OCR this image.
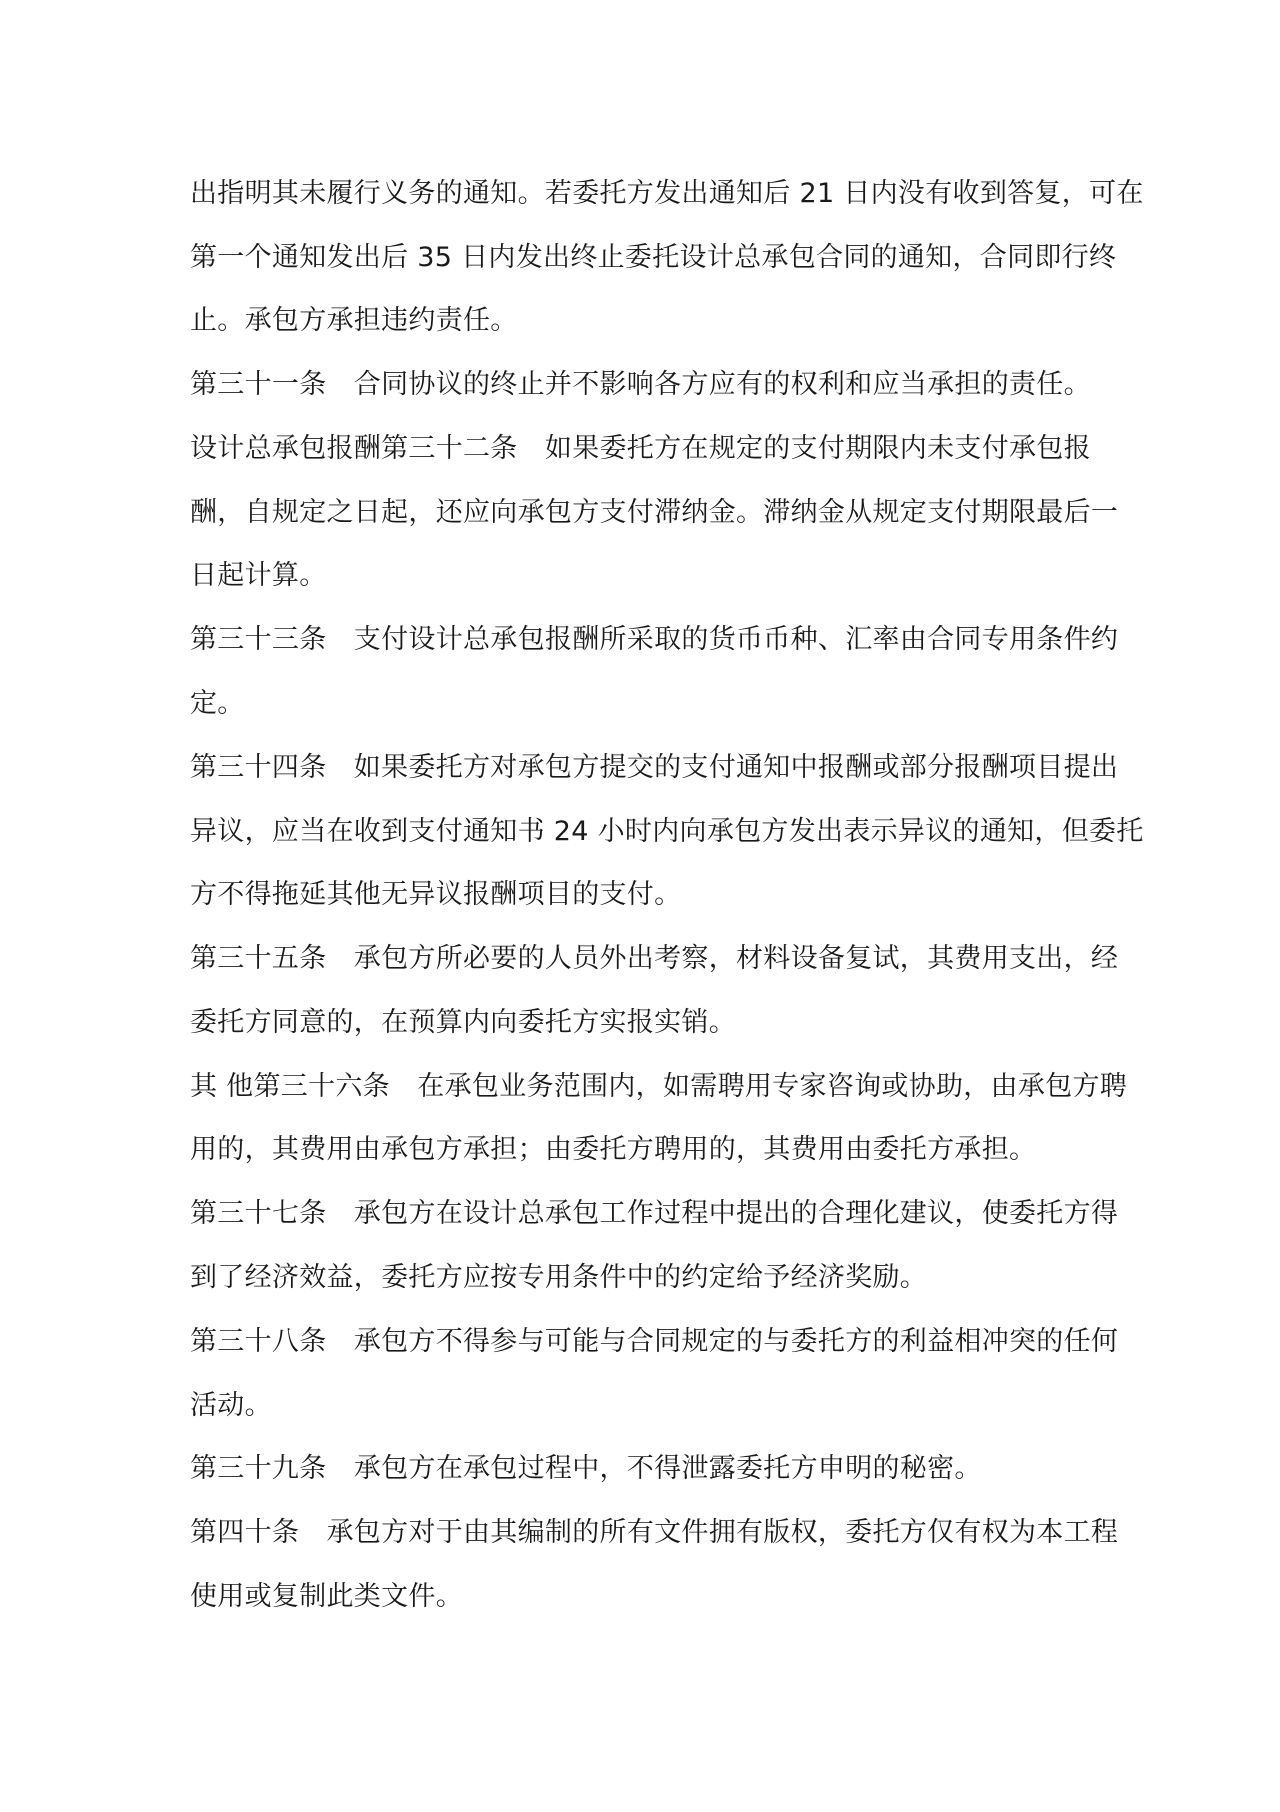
出指明其未履行义务的通知。若委托方发出通知后 21 日内没有收到答复，可在
第一个通知发出后 35 日内发出终止委托设计总承包合同的通知，合同即行终
止。承包方承担违约责任。
第三十一条　合同协议的终止并不影响各方应有的权利和应当承担的责任。
设计总承包报酬第三十二条　如果委托方在规定的支付期限内未支付承包报
酬，自规定之日起，还应向承包方支付滞纳金。滞纳金从规定支付期限最后一
日起计算。
第三十三条　支付设计总承包报酬所采取的货币币种、汇率由合同专用条件约
定。
第三十四条　如果委托方对承包方提交的支付通知中报酬或部分报酬项目提出
异议，应当在收到支付通知书 24 小时内向承包方发出表示异议的通知，但委托
方不得拖延其他无异议报酬项目的支付。
第三十五条　承包方所必要的人员外出考察，材料设备复试，其费用支出，经
委托方同意的，在预算内向委托方实报实销。
其 他第三十六条　在承包业务范围内，如需聘用专家咨询或协助，由承包方聘
用的，其费用由承包方承担；由委托方聘用的，其费用由委托方承担。
第三十七条　承包方在设计总承包工作过程中提出的合理化建议，使委托方得
到了经济效益，委托方应按专用条件中的约定给予经济奖励。
第三十八条　承包方不得参与可能与合同规定的与委托方的利益相冲突的任何
活动。
第三十九条　承包方在承包过程中，不得泄露委托方申明的秘密。
第四十条　承包方对于由其编制的所有文件拥有版权，委托方仅有权为本工程
使用或复制此类文件。
